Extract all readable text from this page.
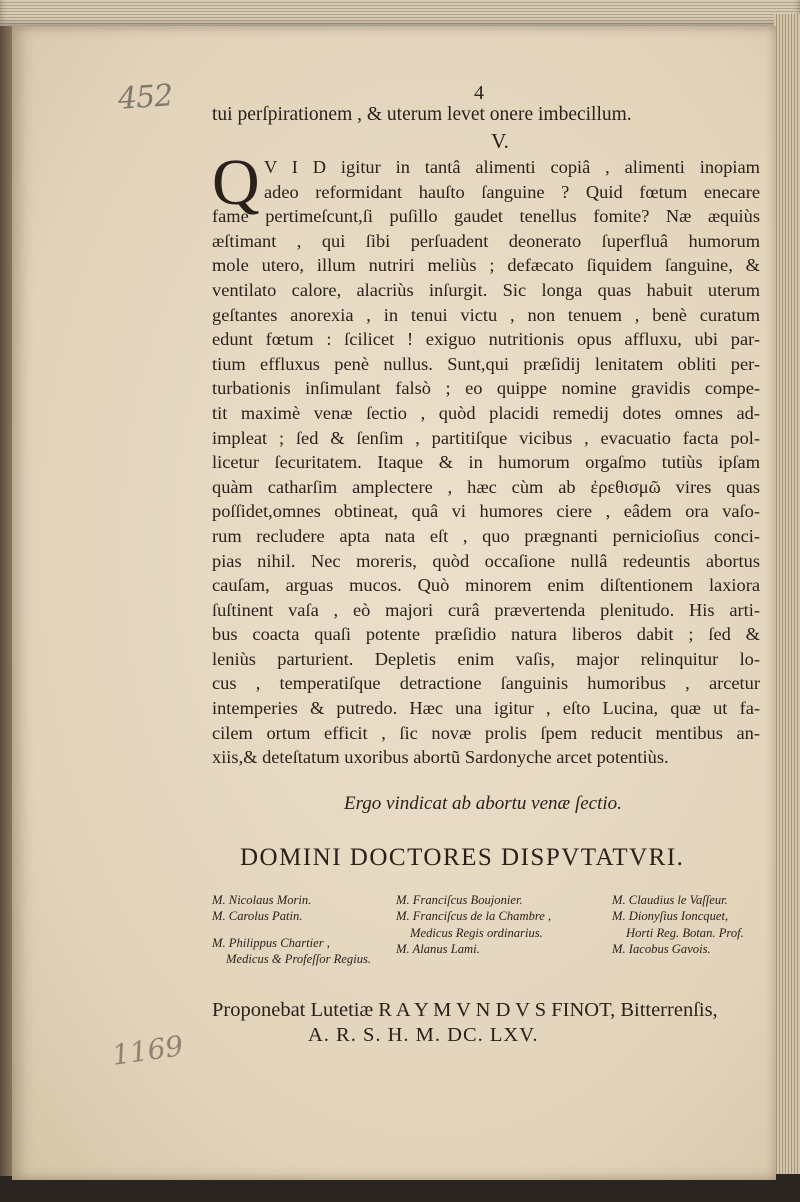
452
1169
4
tui perſpirationem , & uterum levet onere imbecillum.
V.
Q V I D igitur in tantâ alimenti copiâ , alimenti inopiam
adeo reformidant hauſto ſanguine ? Quid fœtum enecare
fame pertimeſcunt,ſi puſillo gaudet tenellus fomite? Næ æquiùs
æſtimant , qui ſibi perſuadent deonerato ſuperfluâ humorum
mole utero, illum nutriri meliùs ; defæcato ſiquidem ſanguine, &
ventilato calore, alacriùs inſurgit. Sic longa quas habuit uterum
geſtantes anorexia , in tenui victu , non tenuem , benè curatum
edunt fœtum : ſcilicet ! exiguo nutritionis opus affluxu, ubi par-
tium effluxus penè nullus. Sunt,qui præſidij lenitatem obliti per-
turbationis inſimulant falsò ; eo quippe nomine gravidis compe-
tit maximè venæ ſectio , quòd placidi remedij dotes omnes ad-
impleat ; ſed & ſenſim , partitiſque vicibus , evacuatio facta pol-
licetur ſecuritatem. Itaque & in humorum orgaſmo tutiùs ipſam
quàm catharſim amplectere , hæc cùm ab ἐρεθισμῶ vires quas
poſſidet,omnes obtineat, quâ vi humores ciere , eâdem ora vaſo-
rum recludere apta nata eſt , quo prægnanti pernicioſius conci-
pias nihil. Nec moreris, quòd occaſione nullâ redeuntis abortus
cauſam, arguas mucos. Quò minorem enim diſtentionem laxiora
ſuſtinent vaſa , eò majori curâ prævertenda plenitudo. His arti-
bus coacta quaſi potente præſidio natura liberos dabit ; ſed &
leniùs parturient. Depletis enim vaſis, major relinquitur lo-
cus , temperatiſque detractione ſanguinis humoribus , arcetur
intemperies & putredo. Hæc una igitur , eſto Lucina, quæ ut fa-
cilem ortum efficit , ſic novæ prolis ſpem reducit mentibus an-
xiis,& deteſtatum uxoribus abortũ Sardonyche arcet potentiùs.
Ergo vindicat ab abortu venæ ſectio.
DOMINI DOCTORES DISPVTATVRI.
M. Nicolaus Morin.
M. Carolus Patin.
M. Philippus Chartier ,
Medicus & Profeſſor Regius.
M. Franciſcus Boujonier.
M. Franciſcus de la Chambre ,
Medicus Regis ordinarius.
M. Alanus Lami.
M. Claudius le Vaſſeur.
M. Dionyſius Ioncquet,
Horti Reg. Botan. Prof.
M. Iacobus Gavois.
Proponebat Lutetiæ R A Y M V N D V S FINOT, Bitterrenſis,
A. R. S. H. M. DC. LXV.
